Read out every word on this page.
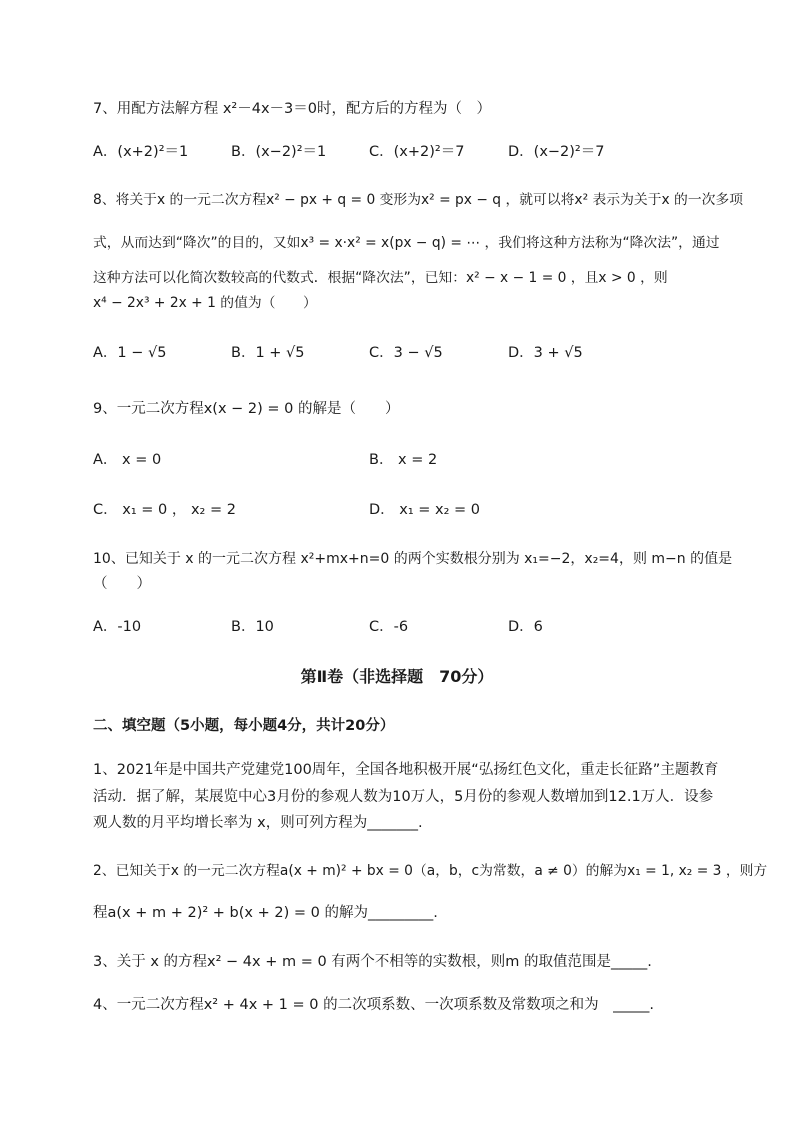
7、用配方法解方程 x²－4x－3＝0时，配方后的方程为（　）
A．(x+2)²＝1	B．(x−2)²＝1	C．(x+2)²＝7	D．(x−2)²＝7
8、将关于x 的一元二次方程x² − px + q = 0 变形为x² = px − q ，就可以将x² 表示为关于x 的一次多项
式，从而达到“降次”的目的，又如x³ = x·x² = x(px − q) = ⋯ ，我们将这种方法称为“降次法”，通过
这种方法可以化简次数较高的代数式．根据“降次法”，已知：x² − x − 1 = 0 ，且x > 0 ，则
x⁴ − 2x³ + 2x + 1 的值为（　　）
A．1 − √5	B．1 + √5	C．3 − √5	D．3 + √5
9、一元二次方程x(x − 2) = 0 的解是（　　）
A． x = 0	B． x = 2
C． x₁ = 0 ， x₂ = 2	D． x₁ = x₂ = 0
10、已知关于 x 的一元二次方程 x²+mx+n=0 的两个实数根分别为 x₁=−2，x₂=4，则 m−n 的值是
（　　）
A．-10	B．10	C．-6	D．6
第Ⅱ卷（非选择题　70分）
二、填空题（5小题，每小题4分，共计20分）
1、2021年是中国共产党建党100周年，全国各地积极开展“弘扬红色文化，重走长征路”主题教育
活动．据了解，某展览中心3月份的参观人数为10万人，5月份的参观人数增加到12.1万人．设参
观人数的月平均增长率为 x，则可列方程为_______.
2、已知关于x 的一元二次方程a(x + m)² + bx = 0（a，b，c为常数，a ≠ 0）的解为x₁ = 1, x₂ = 3 ，则方
程a(x + m + 2)² + b(x + 2) = 0 的解为_________.
3、关于 x 的方程x² − 4x + m = 0 有两个不相等的实数根，则m 的取值范围是_____.
4、一元二次方程x² + 4x + 1 = 0 的二次项系数、一次项系数及常数项之和为　_____.
